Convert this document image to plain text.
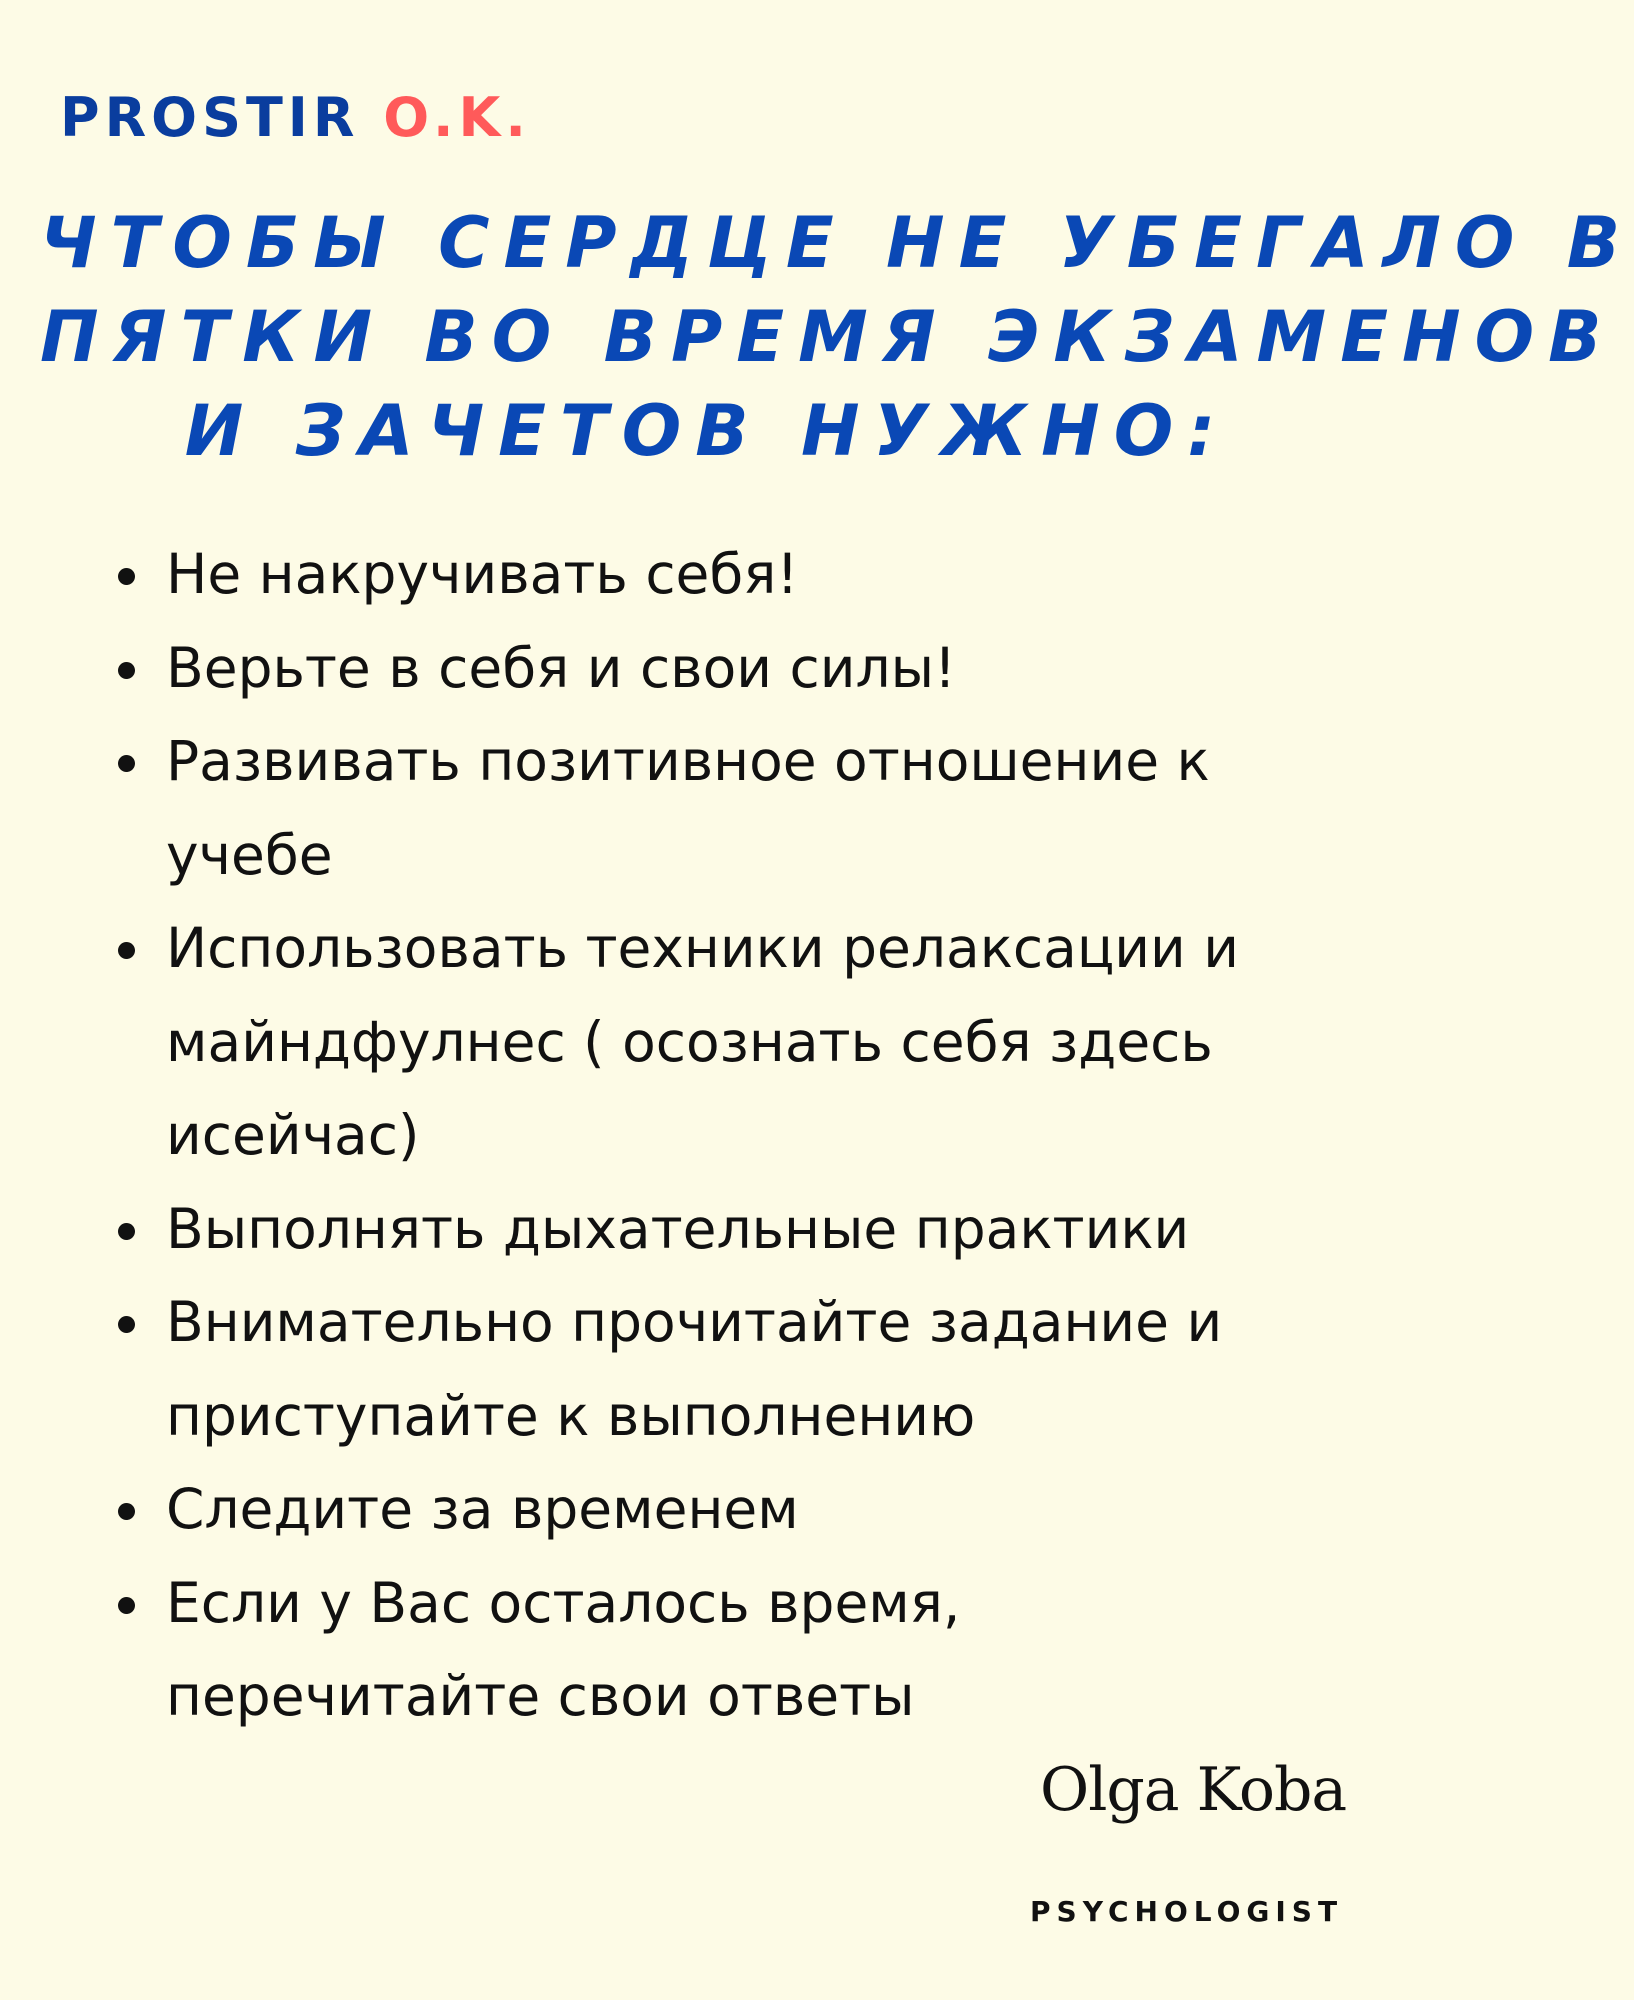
PROSTIR O.K.
ЧТОБЫ СЕРДЦЕ НЕ УБЕГАЛО В
ПЯТКИ ВО ВРЕМЯ ЭКЗАМЕНОВ
И ЗАЧЕТОВ НУЖНО:
Не накручивать себя!
Верьте в себя и свои силы!
Развивать позитивное отношение к учебе
Использовать техники релаксации и майндфулнес ( осознать себя здесь исейчас)
Выполнять дыхательные практики
Внимательно прочитайте задание и приступайте к выполнению
Следите за временем
Если у Вас осталось время, перечитайте свои ответы
Olga Koba
PSYCHOLOGIST
